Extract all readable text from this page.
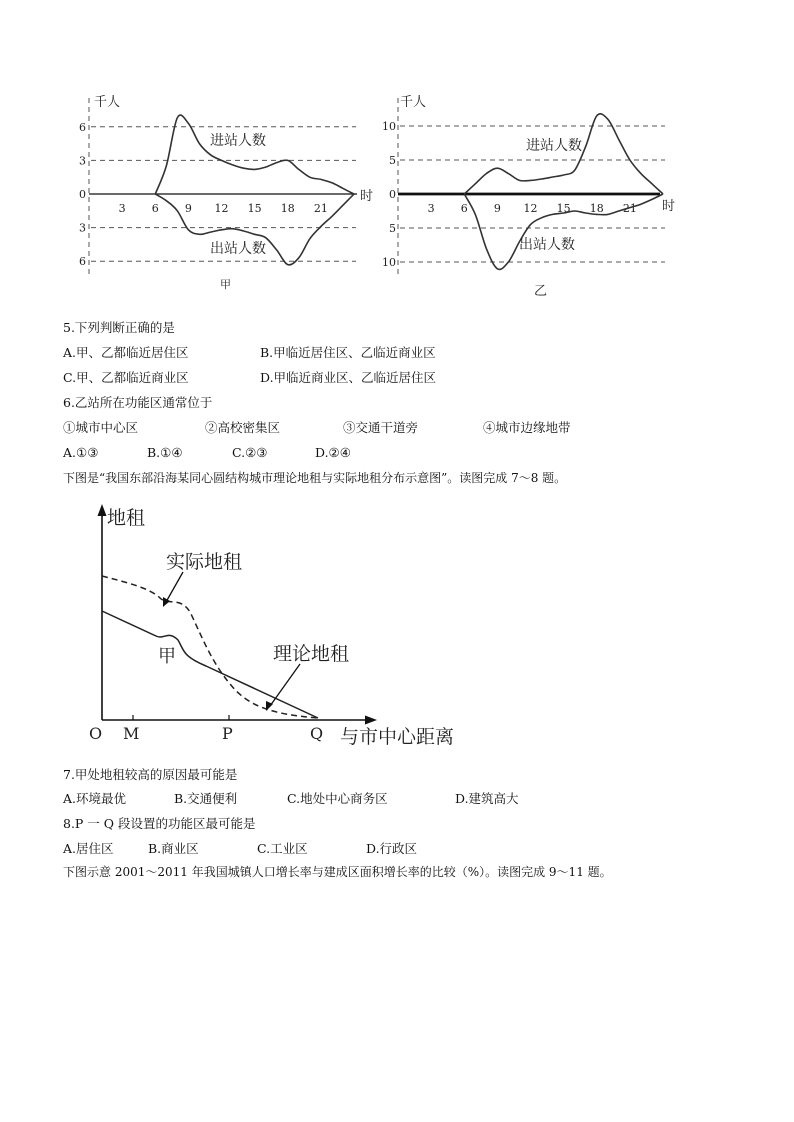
0
3
6
3
6
3 6 9 12 15 18 21
千人
时
进站人数
出站人数
甲
0
5
10
5
10
3 6 9 12 15 18 21
千人
时
进站人数
出站人数
乙
5.下列判断正确的是
A.甲、乙都临近居住区	B.甲临近居住区、乙临近商业区
C.甲、乙都临近商业区	D.甲临近商业区、乙临近居住区
6.乙站所在功能区通常位于
①城市中心区	②高校密集区	③交通干道旁	④城市边缘地带
A.①③	B.①④	C.②③	D.②④
下图是“我国东部沿海某同心圆结构城市理论地租与实际地租分布示意图”。读图完成 7～8 题。
地租
与市中心距离
实际地租
理论地租
甲
O M	P	Q
7.甲处地租较高的原因最可能是
A.环境最优	B.交通便利	C.地处中心商务区	D.建筑高大
8.P 一 Q 段设置的功能区最可能是
A.居住区	B.商业区	C.工业区	D.行政区
下图示意 2001～2011 年我国城镇人口增长率与建成区面积增长率的比较（%）。读图完成 9～11 题。
